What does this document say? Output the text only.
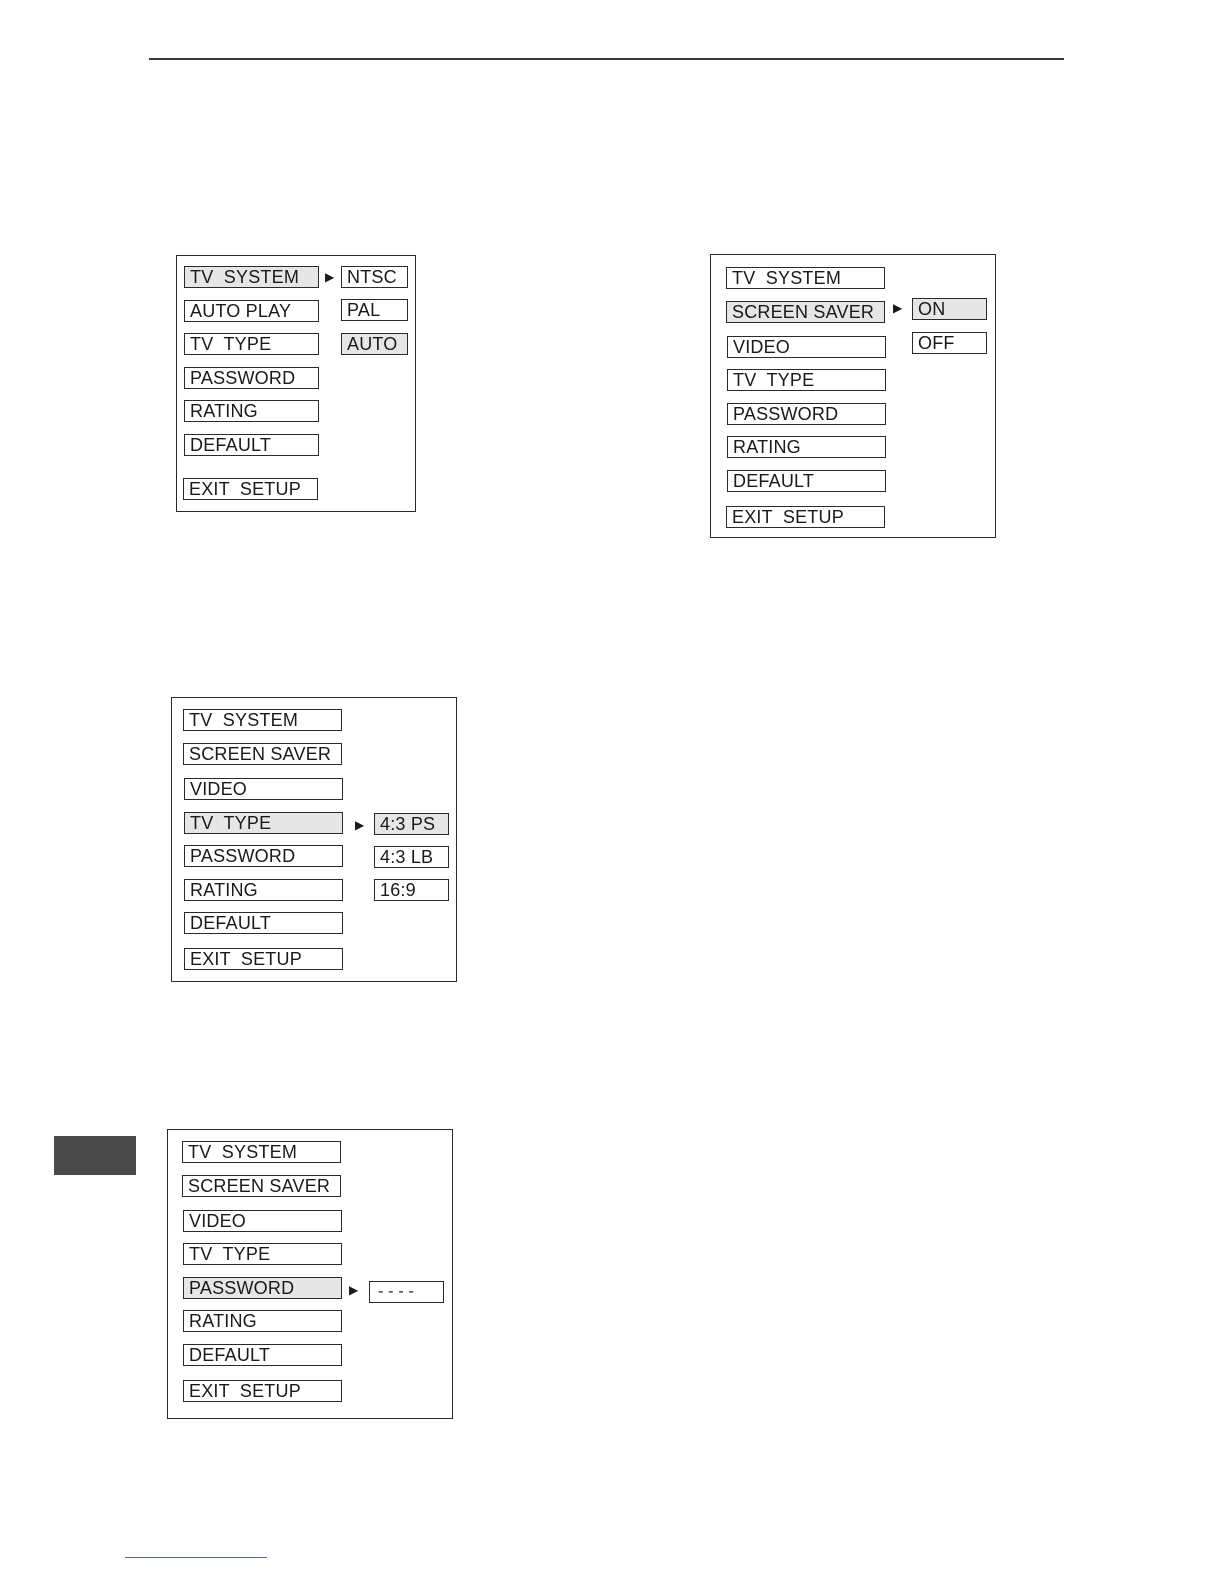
TV  SYSTEM
AUTO PLAY
TV  TYPE
PASSWORD
RATING
DEFAULT
EXIT  SETUP
▶ NTSC
PAL
AUTO
TV  SYSTEM
SCREEN SAVER
VIDEO
TV  TYPE
PASSWORD
RATING
DEFAULT
EXIT  SETUP
▶ ON
OFF
TV  SYSTEM
SCREEN SAVER
VIDEO
TV  TYPE
PASSWORD
RATING
DEFAULT
EXIT  SETUP
▶ 4:3 PS
4:3 LB
16:9
TV  SYSTEM
SCREEN SAVER
VIDEO
TV  TYPE
PASSWORD
RATING
DEFAULT
EXIT  SETUP
▶	- - - -
